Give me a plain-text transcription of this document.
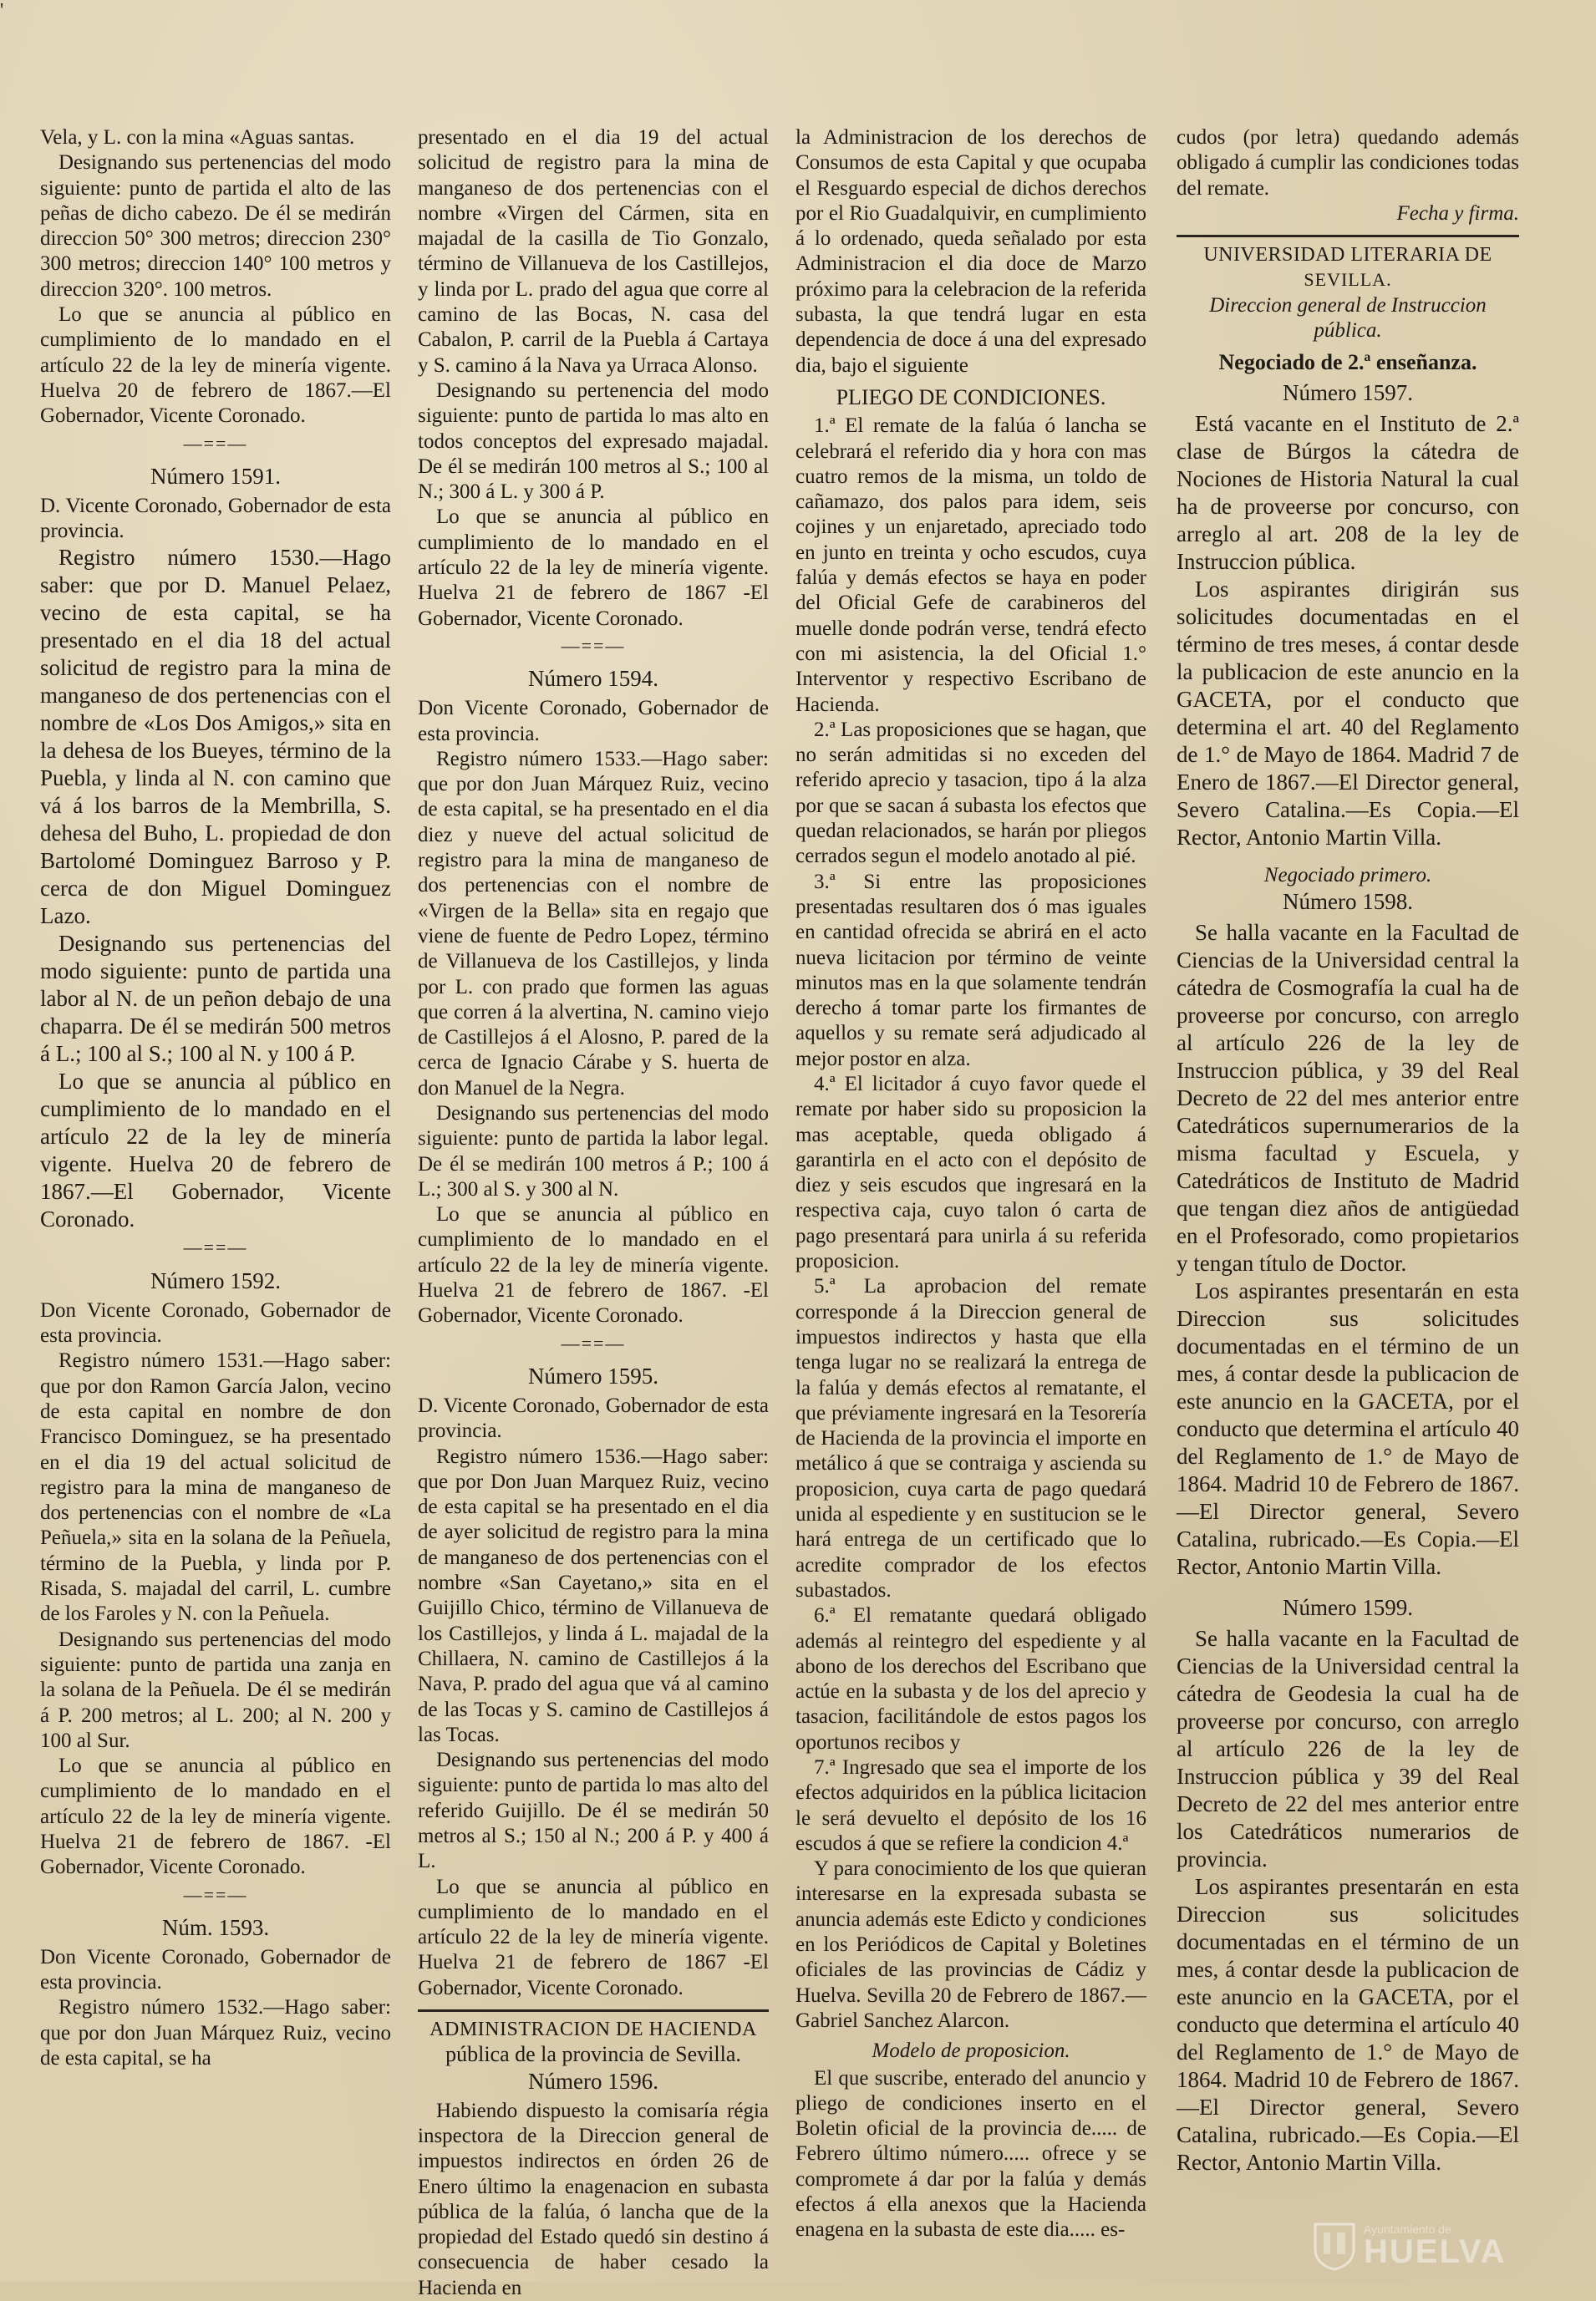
'

Vela, y L. con la mina «Aguas santas.

Designando sus pertenencias del modo siguiente: punto de partida el alto de las peñas de dicho cabezo. De él se medirán direccion 50° 300 metros; direccion 230° 300 metros; direccion 140° 100 metros y direccion 320°. 100 metros.

Lo que se anuncia al público en cumplimiento de lo mandado en el artículo 22 de la ley de minería vigente. Huelva 20 de febrero de 1867.—El Gobernador, Vicente Coronado.

—==—
Número 1591.

D. Vicente Coronado, Gobernador de esta provincia.

Registro número 1530.—Hago saber: que por D. Manuel Pelaez, vecino de esta capital, se ha presentado en el dia 18 del actual solicitud de registro para la mina de manganeso de dos pertenencias con el nombre de «Los Dos Amigos,» sita en la dehesa de los Bueyes, término de la Puebla, y linda al N. con camino que vá á los barros de la Membrilla, S. dehesa del Buho, L. propiedad de don Bartolomé Dominguez Barroso y P. cerca de don Miguel Dominguez Lazo.

Designando sus pertenencias del modo siguiente: punto de partida una labor al N. de un peñon debajo de una chaparra. De él se medirán 500 metros á L.; 100 al S.; 100 al N. y 100 á P.

Lo que se anuncia al público en cumplimiento de lo mandado en el artículo 22 de la ley de minería vigente. Huelva 20 de febrero de 1867.—El Gobernador, Vicente Coronado.

—==—
Número 1592.

Don Vicente Coronado, Gobernador de esta provincia.

Registro número 1531.—Hago saber: que por don Ramon García Jalon, vecino de esta capital en nombre de don Francisco Dominguez, se ha presentado en el dia 19 del actual solicitud de registro para la mina de manganeso de dos pertenencias con el nombre de «La Peñuela,» sita en la solana de la Peñuela, término de la Puebla, y linda por P. Risada, S. majadal del carril, L. cumbre de los Faroles y N. con la Peñuela.

Designando sus pertenencias del modo siguiente: punto de partida una zanja en la solana de la Peñuela. De él se medirán á P. 200 metros; al L. 200; al N. 200 y 100 al Sur.

Lo que se anuncia al público en cumplimiento de lo mandado en el artículo 22 de la ley de minería vigente. Huelva 21 de febrero de 1867. -El Gobernador, Vicente Coronado.

—==—
Núm. 1593.

Don Vicente Coronado, Gobernador de esta provincia.

Registro número 1532.—Hago saber: que por don Juan Márquez Ruiz, vecino de esta capital, se ha

presentado en el dia 19 del actual solicitud de registro para la mina de manganeso de dos pertenencias con el nombre «Virgen del Cármen, sita en majadal de la casilla de Tio Gonzalo, término de Villanueva de los Castillejos, y linda por L. prado del agua que corre al camino de las Bocas, N. casa del Cabalon, P. carril de la Puebla á Cartaya y S. camino á la Nava ya Urraca Alonso.

Designando su pertenencia del modo siguiente: punto de partida lo mas alto en todos conceptos del expresado majadal. De él se medirán 100 metros al S.; 100 al N.; 300 á L. y 300 á P.

Lo que se anuncia al público en cumplimiento de lo mandado en el artículo 22 de la ley de minería vigente. Huelva 21 de febrero de 1867 -El Gobernador, Vicente Coronado.

—==—
Número 1594.

Don Vicente Coronado, Gobernador de esta provincia.

Registro número 1533.—Hago saber: que por don Juan Márquez Ruiz, vecino de esta capital, se ha presentado en el dia diez y nueve del actual solicitud de registro para la mina de manganeso de dos pertenencias con el nombre de «Virgen de la Bella» sita en regajo que viene de fuente de Pedro Lopez, término de Villanueva de los Castillejos, y linda por L. con prado que formen las aguas que corren á la alvertina, N. camino viejo de Castillejos á el Alosno, P. pared de la cerca de Ignacio Cárabe y S. huerta de don Manuel de la Negra.

Designando sus pertenencias del modo siguiente: punto de partida la labor legal. De él se medirán 100 metros á P.; 100 á L.; 300 al S. y 300 al N.

Lo que se anuncia al público en cumplimiento de lo mandado en el artículo 22 de la ley de minería vigente. Huelva 21 de febrero de 1867. -El Gobernador, Vicente Coronado.

—==—
Número 1595.

D. Vicente Coronado, Gobernador de esta provincia.

Registro número 1536.—Hago saber: que por Don Juan Marquez Ruiz, vecino de esta capital se ha presentado en el dia de ayer solicitud de registro para la mina de manganeso de dos pertenencias con el nombre «San Cayetano,» sita en el Guijillo Chico, término de Villanueva de los Castillejos, y linda á L. majadal de la Chillaera, N. camino de Castillejos á la Nava, P. prado del agua que vá al camino de las Tocas y S. camino de Castillejos á las Tocas.

Designando sus pertenencias del modo siguiente: punto de partida lo mas alto del referido Guijillo. De él se medirán 50 metros al S.; 150 al N.; 200 á P. y 400 á L.

Lo que se anuncia al público en cumplimiento de lo mandado en el artículo 22 de la ley de minería vigente. Huelva 21 de febrero de 1867 -El Gobernador, Vicente Coronado.

ADMINISTRACION DE HACIENDA
pública de la provincia de Sevilla.
Número 1596.

Habiendo dispuesto la comisaría régia inspectora de la Direccion general de impuestos indirectos en órden 26 de Enero último la enagenacion en subasta pública de la falúa, ó lancha que de la propiedad del Estado quedó sin destino á consecuencia de haber cesado la Hacienda en

la Administracion de los derechos de Consumos de esta Capital y que ocupaba el Resguardo especial de dichos derechos por el Rio Guadalquivir, en cumplimiento á lo ordenado, queda señalado por esta Administracion el dia doce de Marzo próximo para la celebracion de la referida subasta, la que tendrá lugar en esta dependencia de doce á una del expresado dia, bajo el siguiente

PLIEGO DE CONDICIONES.

1.ª El remate de la falúa ó lancha se celebrará el referido dia y hora con mas cuatro remos de la misma, un toldo de cañamazo, dos palos para idem, seis cojines y un enjaretado, apreciado todo en junto en treinta y ocho escudos, cuya falúa y demás efectos se haya en poder del Oficial Gefe de carabineros del muelle donde podrán verse, tendrá efecto con mi asistencia, la del Oficial 1.° Interventor y respectivo Escribano de Hacienda.

2.ª Las proposiciones que se hagan, que no serán admitidas si no exceden del referido aprecio y tasacion, tipo á la alza por que se sacan á subasta los efectos que quedan relacionados, se harán por pliegos cerrados segun el modelo anotado al pié.

3.ª Si entre las proposiciones presentadas resultaren dos ó mas iguales en cantidad ofrecida se abrirá en el acto nueva licitacion por término de veinte minutos mas en la que solamente tendrán derecho á tomar parte los firmantes de aquellos y su remate será adjudicado al mejor postor en alza.

4.ª El licitador á cuyo favor quede el remate por haber sido su proposicion la mas aceptable, queda obligado á garantirla en el acto con el depósito de diez y seis escudos que ingresará en la respectiva caja, cuyo talon ó carta de pago presentará para unirla á su referida proposicion.

5.ª La aprobacion del remate corresponde á la Direccion general de impuestos indirectos y hasta que ella tenga lugar no se realizará la entrega de la falúa y demás efectos al rematante, el que préviamente ingresará en la Tesorería de Hacienda de la provincia el importe en metálico á que se contraiga y ascienda su proposicion, cuya carta de pago quedará unida al espediente y en sustitucion se le hará entrega de un certificado que lo acredite comprador de los efectos subastados.

6.ª El rematante quedará obligado además al reintegro del espediente y al abono de los derechos del Escribano que actúe en la subasta y de los del aprecio y tasacion, facilitándole de estos pagos los oportunos recibos y

7.ª Ingresado que sea el importe de los efectos adquiridos en la pública licitacion le será devuelto el depósito de los 16 escudos á que se refiere la condicion 4.ª

Y para conocimiento de los que quieran interesarse en la expresada subasta se anuncia además este Edicto y condiciones en los Periódicos de Capital y Boletines oficiales de las provincias de Cádiz y Huelva. Sevilla 20 de Febrero de 1867.—Gabriel Sanchez Alarcon.

Modelo de proposicion.

El que suscribe, enterado del anuncio y pliego de condiciones inserto en el Boletin oficial de la provincia de..... de Febrero último número..... ofrece y se compromete á dar por la falúa y demás efectos á ella anexos que la Hacienda enagena en la subasta de este dia..... es-

cudos (por letra) quedando además obligado á cumplir las condiciones todas del remate.

Fecha y firma.
UNIVERSIDAD LITERARIA DE
SEVILLA.
Direccion general de Instruccion pública.
Negociado de 2.ª enseñanza.
Número 1597.

Está vacante en el Instituto de 2.ª clase de Búrgos la cátedra de Nociones de Historia Natural la cual ha de proveerse por concurso, con arreglo al art. 208 de la ley de Instruccion pública.

Los aspirantes dirigirán sus solicitudes documentadas en el término de tres meses, á contar desde la publicacion de este anuncio en la GACETA, por el conducto que determina el art. 40 del Reglamento de 1.° de Mayo de 1864. Madrid 7 de Enero de 1867.—El Director general, Severo Catalina.—Es Copia.—El Rector, Antonio Martin Villa.

Negociado primero.
Número 1598.

Se halla vacante en la Facultad de Ciencias de la Universidad central la cátedra de Cosmografía la cual ha de proveerse por concurso, con arreglo al artículo 226 de la ley de Instruccion pública, y 39 del Real Decreto de 22 del mes anterior entre Catedráticos supernumerarios de la misma facultad y Escuela, y Catedráticos de Instituto de Madrid que tengan diez años de antigüedad en el Profesorado, como propietarios y tengan título de Doctor.

Los aspirantes presentarán en esta Direccion sus solicitudes documentadas en el término de un mes, á contar desde la publicacion de este anuncio en la GACETA, por el conducto que determina el artículo 40 del Reglamento de 1.° de Mayo de 1864. Madrid 10 de Febrero de 1867.—El Director general, Severo Catalina, rubricado.—Es Copia.—El Rector, Antonio Martin Villa.

Número 1599.

Se halla vacante en la Facultad de Ciencias de la Universidad central la cátedra de Geodesia la cual ha de proveerse por concurso, con arreglo al artículo 226 de la ley de Instruccion pública y 39 del Real Decreto de 22 del mes anterior entre los Catedráticos numerarios de provincia.

Los aspirantes presentarán en esta Direccion sus solicitudes documentadas en el término de un mes, á contar desde la publicacion de este anuncio en la GACETA, por el conducto que determina el artículo 40 del Reglamento de 1.° de Mayo de 1864. Madrid 10 de Febrero de 1867.—El Director general, Severo Catalina, rubricado.—Es Copia.—El Rector, Antonio Martin Villa.

Ayuntamiento de
HUELVA
